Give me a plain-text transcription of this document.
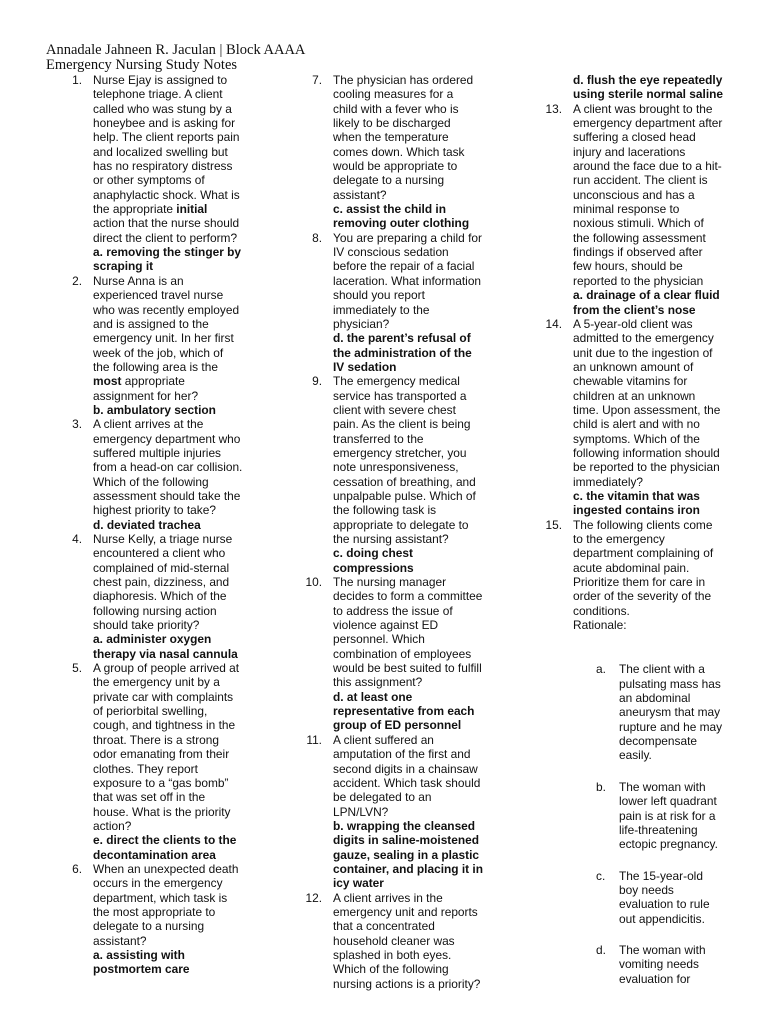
Annadale Jahneen R. Jaculan | Block AAAA
Emergency Nursing Study Notes
1. Nurse Ejay is assigned to telephone triage. A client called who was stung by a honeybee and is asking for help. The client reports pain and localized swelling but has no respiratory distress or other symptoms of anaphylactic shock. What is the appropriate initial action that the nurse should direct the client to perform?
a. removing the stinger by scraping it
2. Nurse Anna is an experienced travel nurse who was recently employed and is assigned to the emergency unit. In her first week of the job, which of the following area is the most appropriate assignment for her?
b. ambulatory section
3. A client arrives at the emergency department who suffered multiple injuries from a head-on car collision. Which of the following assessment should take the highest priority to take?
d. deviated trachea
4. Nurse Kelly, a triage nurse encountered a client who complained of mid-sternal chest pain, dizziness, and diaphoresis. Which of the following nursing action should take priority?
a. administer oxygen therapy via nasal cannula
5. A group of people arrived at the emergency unit by a private car with complaints of periorbital swelling, cough, and tightness in the throat. There is a strong odor emanating from their clothes. They report exposure to a “gas bomb” that was set off in the house. What is the priority action?
e. direct the clients to the decontamination area
6. When an unexpected death occurs in the emergency department, which task is the most appropriate to delegate to a nursing assistant?
a. assisting with postmortem care
7. The physician has ordered cooling measures for a child with a fever who is likely to be discharged when the temperature comes down. Which task would be appropriate to delegate to a nursing assistant?
c. assist the child in removing outer clothing
8. You are preparing a child for IV conscious sedation before the repair of a facial laceration. What information should you report immediately to the physician?
d. the parent’s refusal of the administration of the IV sedation
9. The emergency medical service has transported a client with severe chest pain. As the client is being transferred to the emergency stretcher, you note unresponsiveness, cessation of breathing, and unpalpable pulse. Which of the following task is appropriate to delegate to the nursing assistant?
c. doing chest compressions
10. The nursing manager decides to form a committee to address the issue of violence against ED personnel. Which combination of employees would be best suited to fulfill this assignment?
d. at least one representative from each group of ED personnel
11. A client suffered an amputation of the first and second digits in a chainsaw accident. Which task should be delegated to an LPN/LVN?
b. wrapping the cleansed digits in saline-moistened gauze, sealing in a plastic container, and placing it in icy water
12. A client arrives in the emergency unit and reports that a concentrated household cleaner was splashed in both eyes. Which of the following nursing actions is a priority?
d. flush the eye repeatedly using sterile normal saline
13. A client was brought to the emergency department after suffering a closed head injury and lacerations around the face due to a hit-run accident. The client is unconscious and has a minimal response to noxious stimuli. Which of the following assessment findings if observed after few hours, should be reported to the physician
a. drainage of a clear fluid from the client’s nose
14. A 5-year-old client was admitted to the emergency unit due to the ingestion of an unknown amount of chewable vitamins for children at an unknown time. Upon assessment, the child is alert and with no symptoms. Which of the following information should be reported to the physician immediately?
c. the vitamin that was ingested contains iron
15. The following clients come to the emergency department complaining of acute abdominal pain. Prioritize them for care in order of the severity of the conditions.
Rationale:
a. The client with a pulsating mass has an abdominal aneurysm that may rupture and he may decompensate easily.
b. The woman with lower left quadrant pain is at risk for a life-threatening ectopic pregnancy.
c. The 15-year-old boy needs evaluation to rule out appendicitis.
d. The woman with vomiting needs evaluation for
